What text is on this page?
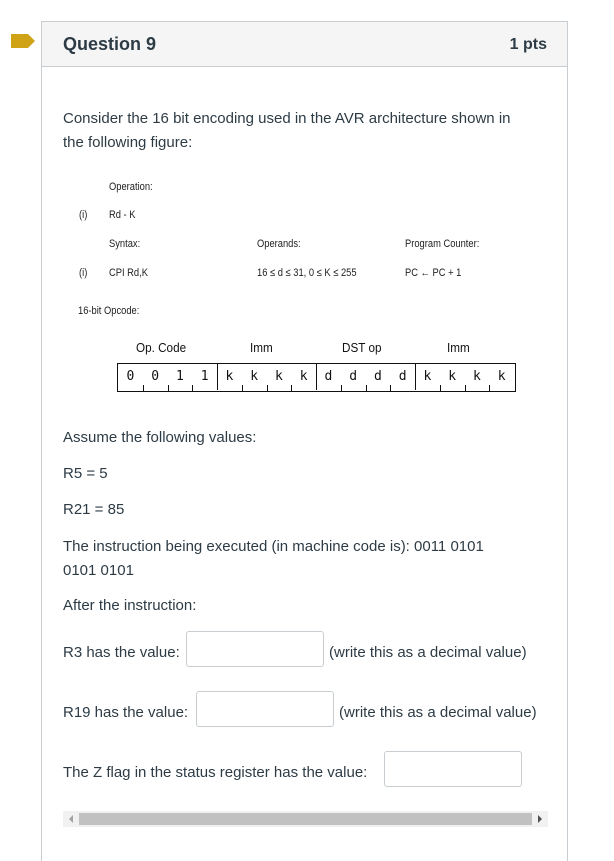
Question 9	1 pts
Consider the 16 bit encoding used in the AVR architecture shown in
the following figure:
Operation:
(i) Rd - K
Syntax:	Operands:	Program Counter:
(i) CPI Rd,K	16 ≤ d ≤ 31, 0 ≤ K ≤ 255	PC ← PC + 1
16-bit Opcode:
Op. Code	Imm	DST op	Imm
0	0	1	1	k	k	k	k	d	d	d	d	k	k	k	k
Assume the following values:
R5 = 5
R21 = 85
The instruction being executed (in machine code is): 0011 0101
0101 0101
After the instruction:
R3 has the value:	(write this as a decimal value)
R19 has the value:	(write this as a decimal value)
The Z flag in the status register has the value:
